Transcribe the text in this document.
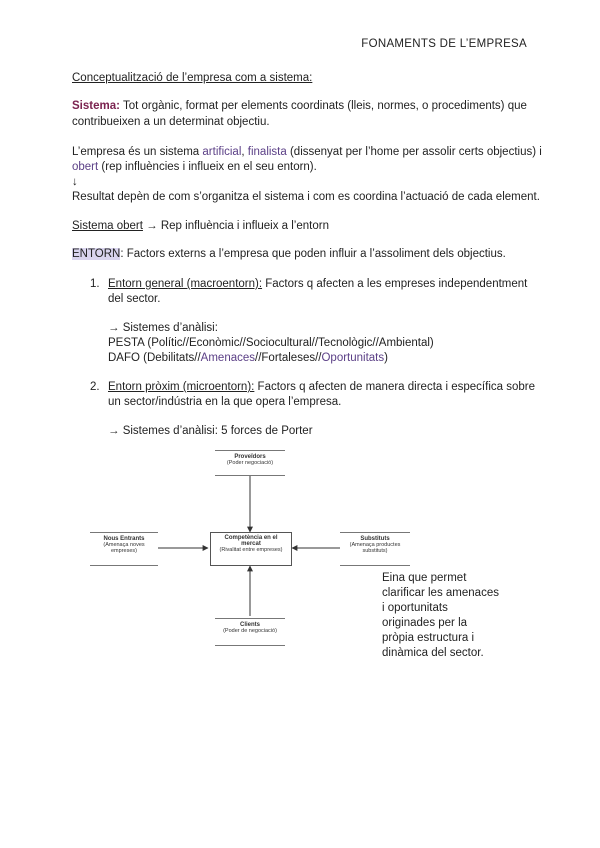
FONAMENTS DE L’EMPRESA
Conceptualització de l’empresa com a sistema:
Sistema: Tot orgànic, format per elements coordinats (lleis, normes, o procediments) que
contribueixen a un determinat objectiu.
L’empresa és un sistema artificial, finalista (dissenyat per l’home per assolir certs objectius) i
obert (rep influències i influeix en el seu entorn).
↓
Resultat depèn de com s’organitza el sistema i com es coordina l’actuació de cada element.
Sistema obert → Rep influència i influeix a l’entorn
ENTORN: Factors externs a l’empresa que poden influir a l’assoliment dels objectius.
1. Entorn general (macroentorn): Factors q afecten a les empreses independentment
del sector.
→ Sistemes d’anàlisi:
PESTA (Polític//Econòmic//Sociocultural//Tecnològic//Ambiental)
DAFO (Debilitats//Amenaces//Fortaleses//Oportunitats)
2. Entorn pròxim (microentorn): Factors q afecten de manera directa i específica sobre
un sector/indústria en la que opera l’empresa.
→ Sistemes d’anàlisi: 5 forces de Porter
Proveïdors
(Poder negociació)
Nous Entrants
(Amenaça noves
empreses)
Competència en el
mercat
(Rivalitat entre empreses)
Substituts
(Amenaça productes
substituts)
Clients
(Poder de negociació)
Eina que permet
clarificar les amenaces
i oportunitats
originades per la
pròpia estructura i
dinàmica del sector.
